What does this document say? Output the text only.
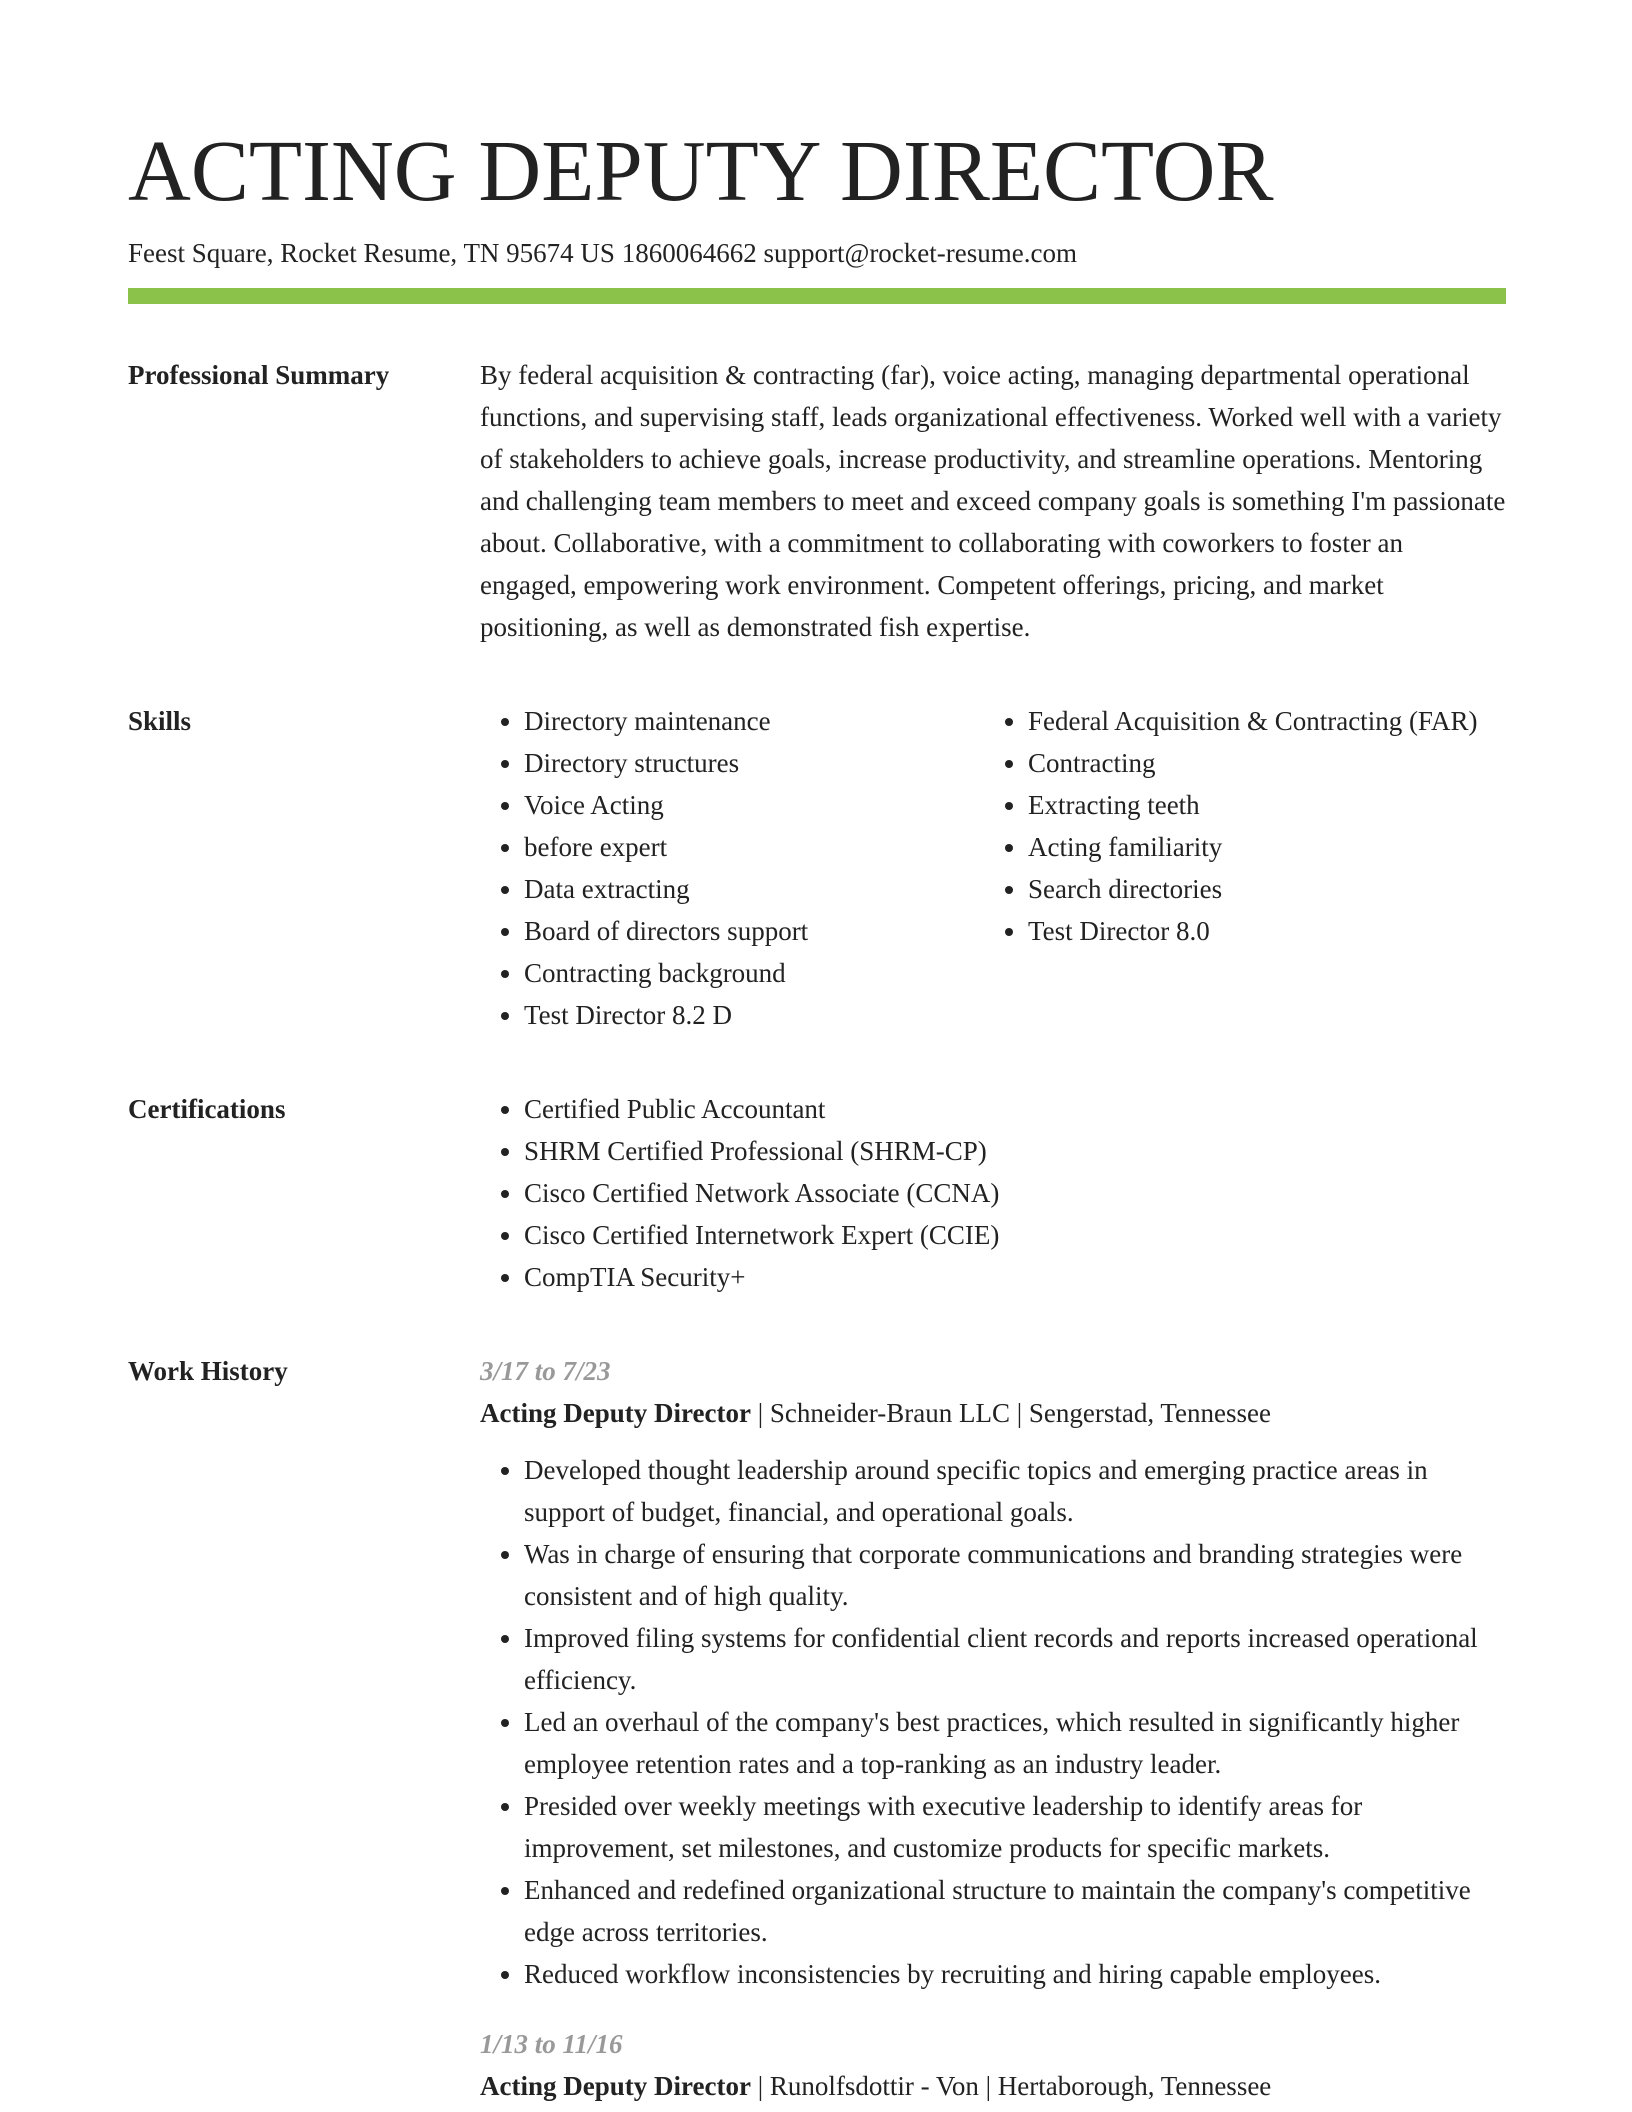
ACTING DEPUTY DIRECTOR
Feest Square, Rocket Resume, TN 95674 US 1860064662 support@rocket-resume.com
Professional Summary	By federal acquisition & contracting (far), voice acting, managing departmental operational functions, and supervising staff, leads organizational effectiveness. Worked well with a variety of stakeholders to achieve goals, increase productivity, and streamline operations. Mentoring and challenging team members to meet and exceed company goals is something I'm passionate about. Collaborative, with a commitment to collaborating with coworkers to foster an engaged, empowering work environment. Competent offerings, pricing, and market positioning, as well as demonstrated fish expertise.

Skills	• Directory maintenance
• Directory structures
• Voice Acting
• before expert
• Data extracting
• Board of directors support
• Contracting background
• Test Director 8.2 D
• Federal Acquisition & Contracting (FAR)
• Contracting
• Extracting teeth
• Acting familiarity
• Search directories
• Test Director 8.0
Certifications	• Certified Public Accountant
• SHRM Certified Professional (SHRM-CP)
• Cisco Certified Network Associate (CCNA)
• Cisco Certified Internetwork Expert (CCIE)
• CompTIA Security+
Work History	3/17 to 7/23
Acting Deputy Director | Schneider-Braun LLC | Sengerstad, Tennessee
• Developed thought leadership around specific topics and emerging practice areas in support of budget, financial, and operational goals.
• Was in charge of ensuring that corporate communications and branding strategies were consistent and of high quality.
• Improved filing systems for confidential client records and reports increased operational efficiency.
• Led an overhaul of the company's best practices, which resulted in significantly higher employee retention rates and a top-ranking as an industry leader.
• Presided over weekly meetings with executive leadership to identify areas for improvement, set milestones, and customize products for specific markets.
• Enhanced and redefined organizational structure to maintain the company's competitive edge across territories.
• Reduced workflow inconsistencies by recruiting and hiring capable employees.
1/13 to 11/16
Acting Deputy Director | Runolfsdottir - Von | Hertaborough, Tennessee
